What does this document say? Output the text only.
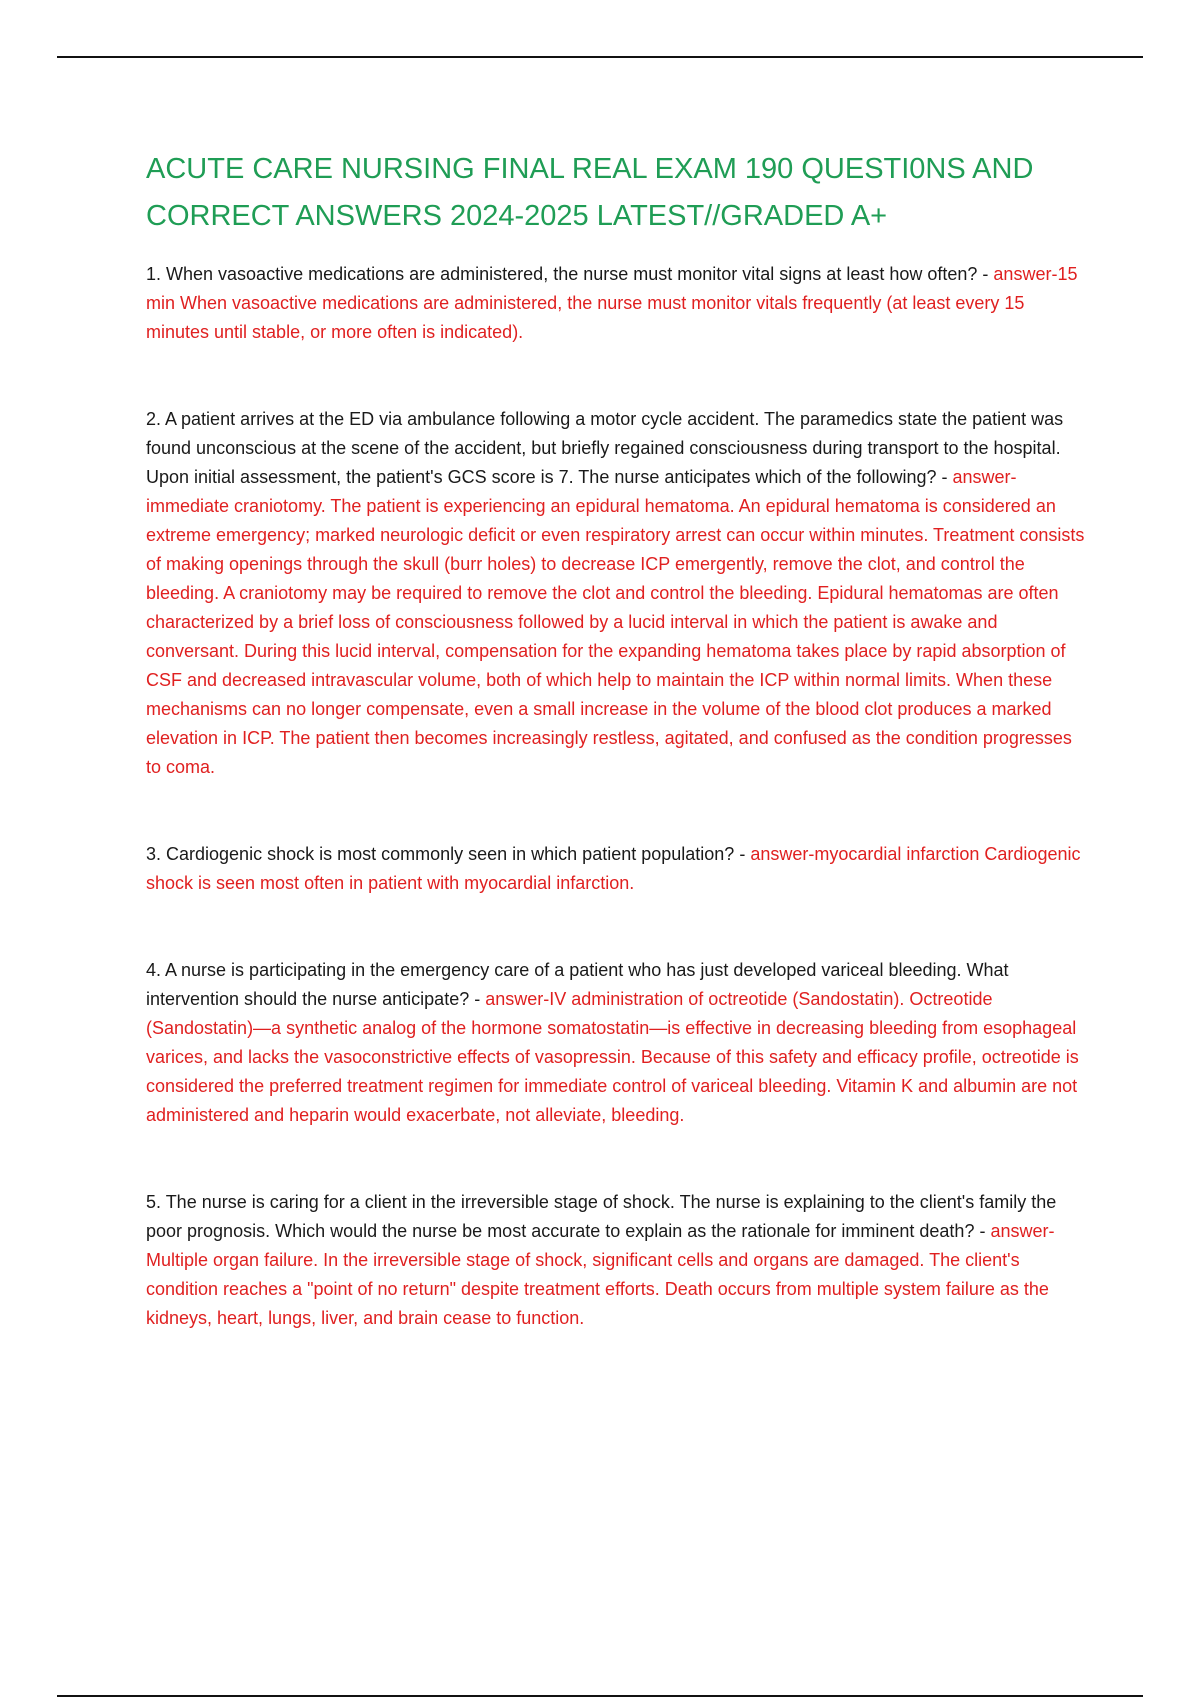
ACUTE CARE NURSING FINAL REAL EXAM 190 QUESTI0NS AND CORRECT ANSWERS 2024-2025 LATEST//GRADED A+

1. When vasoactive medications are administered, the nurse must monitor vital signs at least how often? - answer-15 min When vasoactive medications are administered, the nurse must monitor vitals frequently (at least every 15 minutes until stable, or more often is indicated).

2. A patient arrives at the ED via ambulance following a motor cycle accident. The paramedics state the patient was found unconscious at the scene of the accident, but briefly regained consciousness during transport to the hospital. Upon initial assessment, the patient's GCS score is 7. The nurse anticipates which of the following? - answer-immediate craniotomy. The patient is experiencing an epidural hematoma. An epidural hematoma is considered an extreme emergency; marked neurologic deficit or even respiratory arrest can occur within minutes. Treatment consists of making openings through the skull (burr holes) to decrease ICP emergently, remove the clot, and control the bleeding. A craniotomy may be required to remove the clot and control the bleeding. Epidural hematomas are often characterized by a brief loss of consciousness followed by a lucid interval in which the patient is awake and conversant. During this lucid interval, compensation for the expanding hematoma takes place by rapid absorption of CSF and decreased intravascular volume, both of which help to maintain the ICP within normal limits. When these mechanisms can no longer compensate, even a small increase in the volume of the blood clot produces a marked elevation in ICP. The patient then becomes increasingly restless, agitated, and confused as the condition progresses to coma.

3. Cardiogenic shock is most commonly seen in which patient population? - answer-myocardial infarction Cardiogenic shock is seen most often in patient with myocardial infarction.

4. A nurse is participating in the emergency care of a patient who has just developed variceal bleeding. What intervention should the nurse anticipate? - answer-IV administration of octreotide (Sandostatin). Octreotide (Sandostatin)—a synthetic analog of the hormone somatostatin—is effective in decreasing bleeding from esophageal varices, and lacks the vasoconstrictive effects of vasopressin. Because of this safety and efficacy profile, octreotide is considered the preferred treatment regimen for immediate control of variceal bleeding. Vitamin K and albumin are not administered and heparin would exacerbate, not alleviate, bleeding.

5. The nurse is caring for a client in the irreversible stage of shock. The nurse is explaining to the client's family the poor prognosis. Which would the nurse be most accurate to explain as the rationale for imminent death? - answer-Multiple organ failure. In the irreversible stage of shock, significant cells and organs are damaged. The client's condition reaches a "point of no return" despite treatment efforts. Death occurs from multiple system failure as the kidneys, heart, lungs, liver, and brain cease to function.
